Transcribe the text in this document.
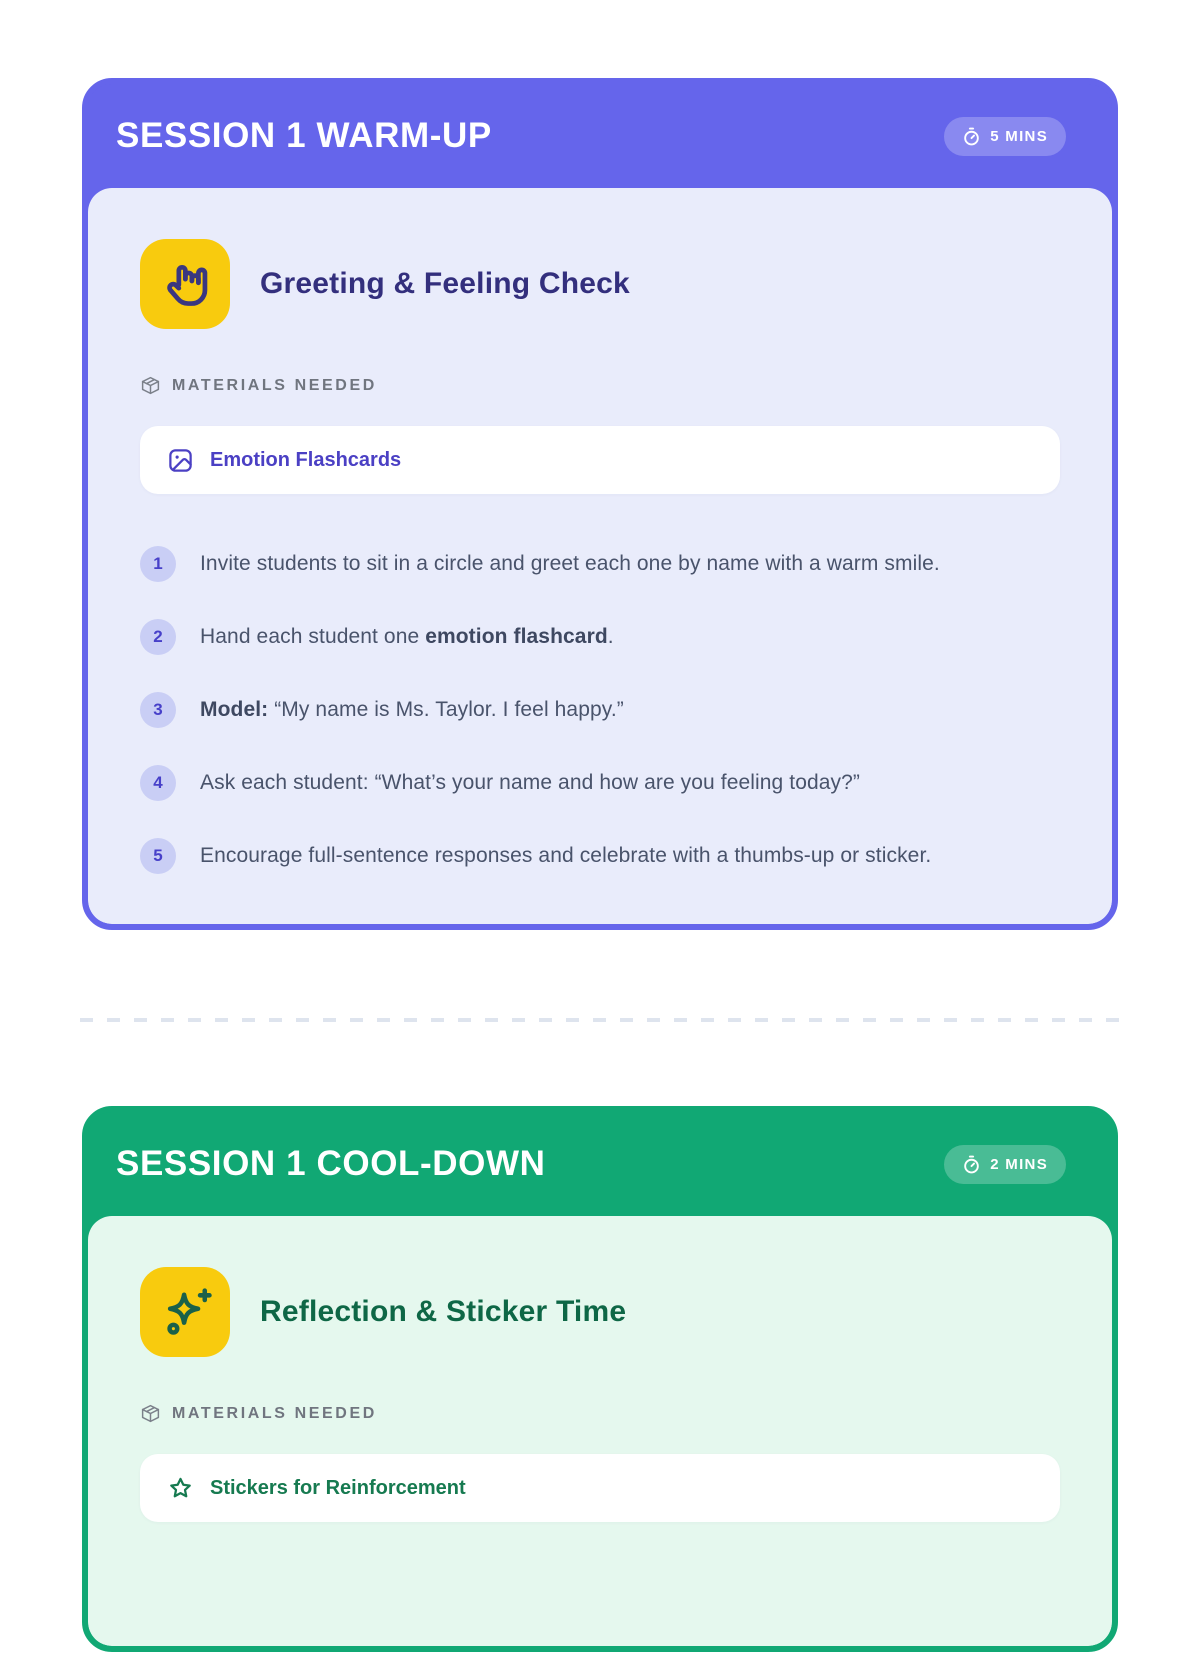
SESSION 1 WARM-UP	5 MINS
Greeting & Feeling Check
MATERIALS NEEDED
Emotion Flashcards
1	Invite students to sit in a circle and greet each one by name with a warm smile.
2	Hand each student one emotion flashcard.
3	Model: “My name is Ms. Taylor. I feel happy.”
4	Ask each student: “What’s your name and how are you feeling today?”
5	Encourage full-sentence responses and celebrate with a thumbs-up or sticker.
SESSION 1 COOL-DOWN	2 MINS
Reflection & Sticker Time
MATERIALS NEEDED
Stickers for Reinforcement
